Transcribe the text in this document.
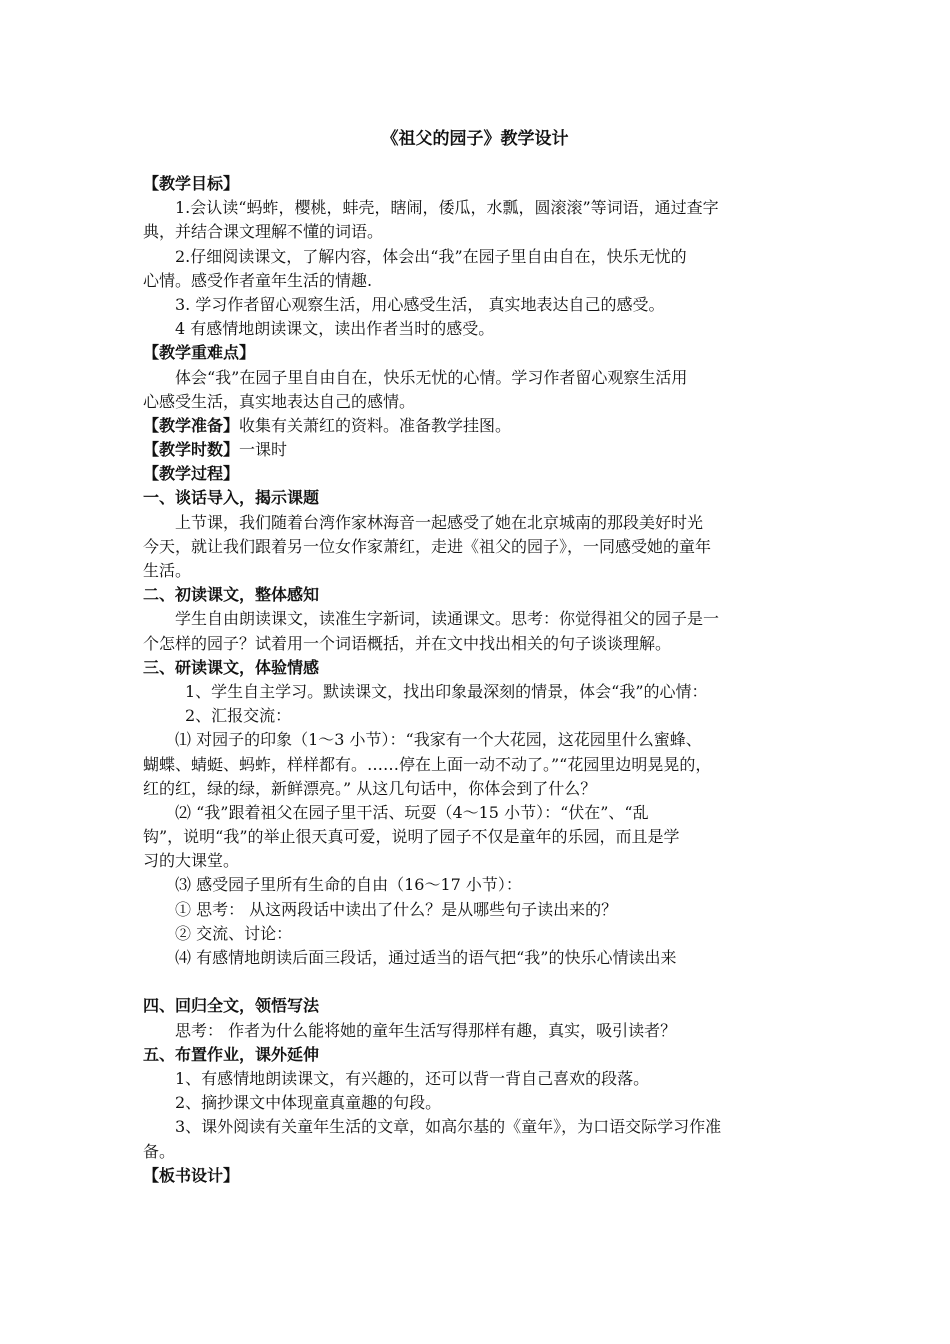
《祖父的园子》教学设计
【教学目标】
1.会认读“蚂蚱，樱桃，蚌壳，瞎闹，倭瓜，水瓢，圆滚滚”等词语，通过查字
典，并结合课文理解不懂的词语。
2.仔细阅读课文，了解内容，体会出“我”在园子里自由自在，快乐无忧的
心情。感受作者童年生活的情趣.
3. 学习作者留心观察生活，用心感受生活， 真实地表达自己的感受。
4 有感情地朗读课文，读出作者当时的感受。
【教学重难点】
体会“我”在园子里自由自在，快乐无忧的心情。学习作者留心观察生活用
心感受生活，真实地表达自己的感情。
【教学准备】收集有关萧红的资料。准备教学挂图。
【教学时数】一课时
【教学过程】
一、谈话导入，揭示课题
上节课，我们随着台湾作家林海音一起感受了她在北京城南的那段美好时光
今天，就让我们跟着另一位女作家萧红，走进《祖父的园子》，一同感受她的童年
生活。
二、初读课文，整体感知
学生自由朗读课文，读准生字新词，读通课文。思考：你觉得祖父的园子是一
个怎样的园子？试着用一个词语概括，并在文中找出相关的句子谈谈理解。
三、研读课文，体验情感
1、学生自主学习。默读课文，找出印象最深刻的情景，体会“我”的心情：
2、汇报交流：
⑴ 对园子的印象（1～3 小节）：“我家有一个大花园，这花园里什么蜜蜂、
蝴蝶、蜻蜓、蚂蚱，样样都有。……停在上面一动不动了。”“花园里边明晃晃的，
红的红，绿的绿，新鲜漂亮。” 从这几句话中，你体会到了什么？
⑵ “我”跟着祖父在园子里干活、玩耍（4～15 小节）：“伏在”、“乱
钩”，说明“我”的举止很天真可爱，说明了园子不仅是童年的乐园，而且是学
习的大课堂。
⑶ 感受园子里所有生命的自由（16～17 小节）：
① 思考： 从这两段话中读出了什么？是从哪些句子读出来的？
② 交流、讨论：
⑷ 有感情地朗读后面三段话，通过适当的语气把“我”的快乐心情读出来
四、回归全文，领悟写法
思考： 作者为什么能将她的童年生活写得那样有趣，真实，吸引读者？
五、布置作业，课外延伸
1、有感情地朗读课文，有兴趣的，还可以背一背自己喜欢的段落。
2、摘抄课文中体现童真童趣的句段。
3、课外阅读有关童年生活的文章，如高尔基的《童年》，为口语交际学习作准
备。
【板书设计】
